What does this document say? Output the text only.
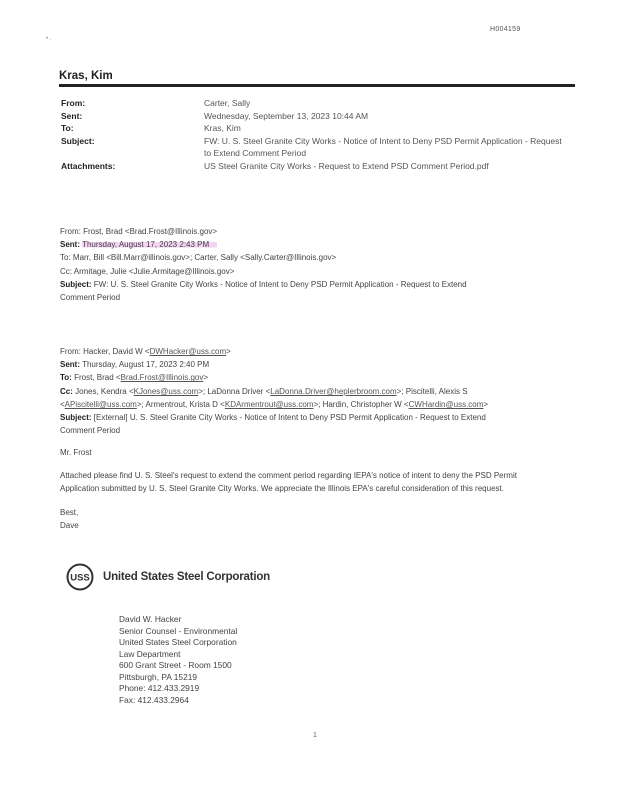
H004159
• .
Kras, Kim
From:	Carter, Sally
Sent:	Wednesday, September 13, 2023 10:44 AM
To:	Kras, Kim
Subject:	FW: U. S. Steel Granite City Works - Notice of Intent to Deny PSD Permit Application - Request to Extend Comment Period
Attachments:	US Steel Granite City Works - Request to Extend PSD Comment Period.pdf
From: Frost, Brad <Brad.Frost@Illinois.gov>
Sent: Thursday, August 17, 2023 2:43 PM
To: Marr, Bill <Bill.Marr@illinois.gov>; Carter, Sally <Sally.Carter@Illinois.gov>
Cc: Armitage, Julie <Julie.Armitage@Illinois.gov>
Subject: FW: U. S. Steel Granite City Works - Notice of Intent to Deny PSD Permit Application - Request to Extend
Comment Period
From: Hacker, David W <DWHacker@uss.com>
Sent: Thursday, August 17, 2023 2:40 PM
To: Frost, Brad <Brad.Frost@Illinois.gov>
Cc: Jones, Kendra <KJones@uss.com>; LaDonna Driver <LaDonna.Driver@heplerbroom.com>; Piscitelli, Alexis S
<APiscitelli@uss.com>; Armentrout, Krista D <KDArmentrout@uss.com>; Hardin, Christopher W <CWHardin@uss.com>
Subject: [External] U. S. Steel Granite City Works - Notice of Intent to Deny PSD Permit Application - Request to Extend
Comment Period
Mr. Frost
Attached please find U. S. Steel's request to extend the comment period regarding IEPA's notice of intent to deny the PSD Permit
Application submitted by U. S. Steel Granite City Works. We appreciate the Illinois EPA's careful consideration of this request.
Best,
Dave
USS United States Steel Corporation
David W. Hacker
Senior Counsel - Environmental
United States Steel Corporation
Law Department
600 Grant Street - Room 1500
Pittsburgh, PA 15219
Phone: 412.433.2919
Fax: 412.433.2964
1
